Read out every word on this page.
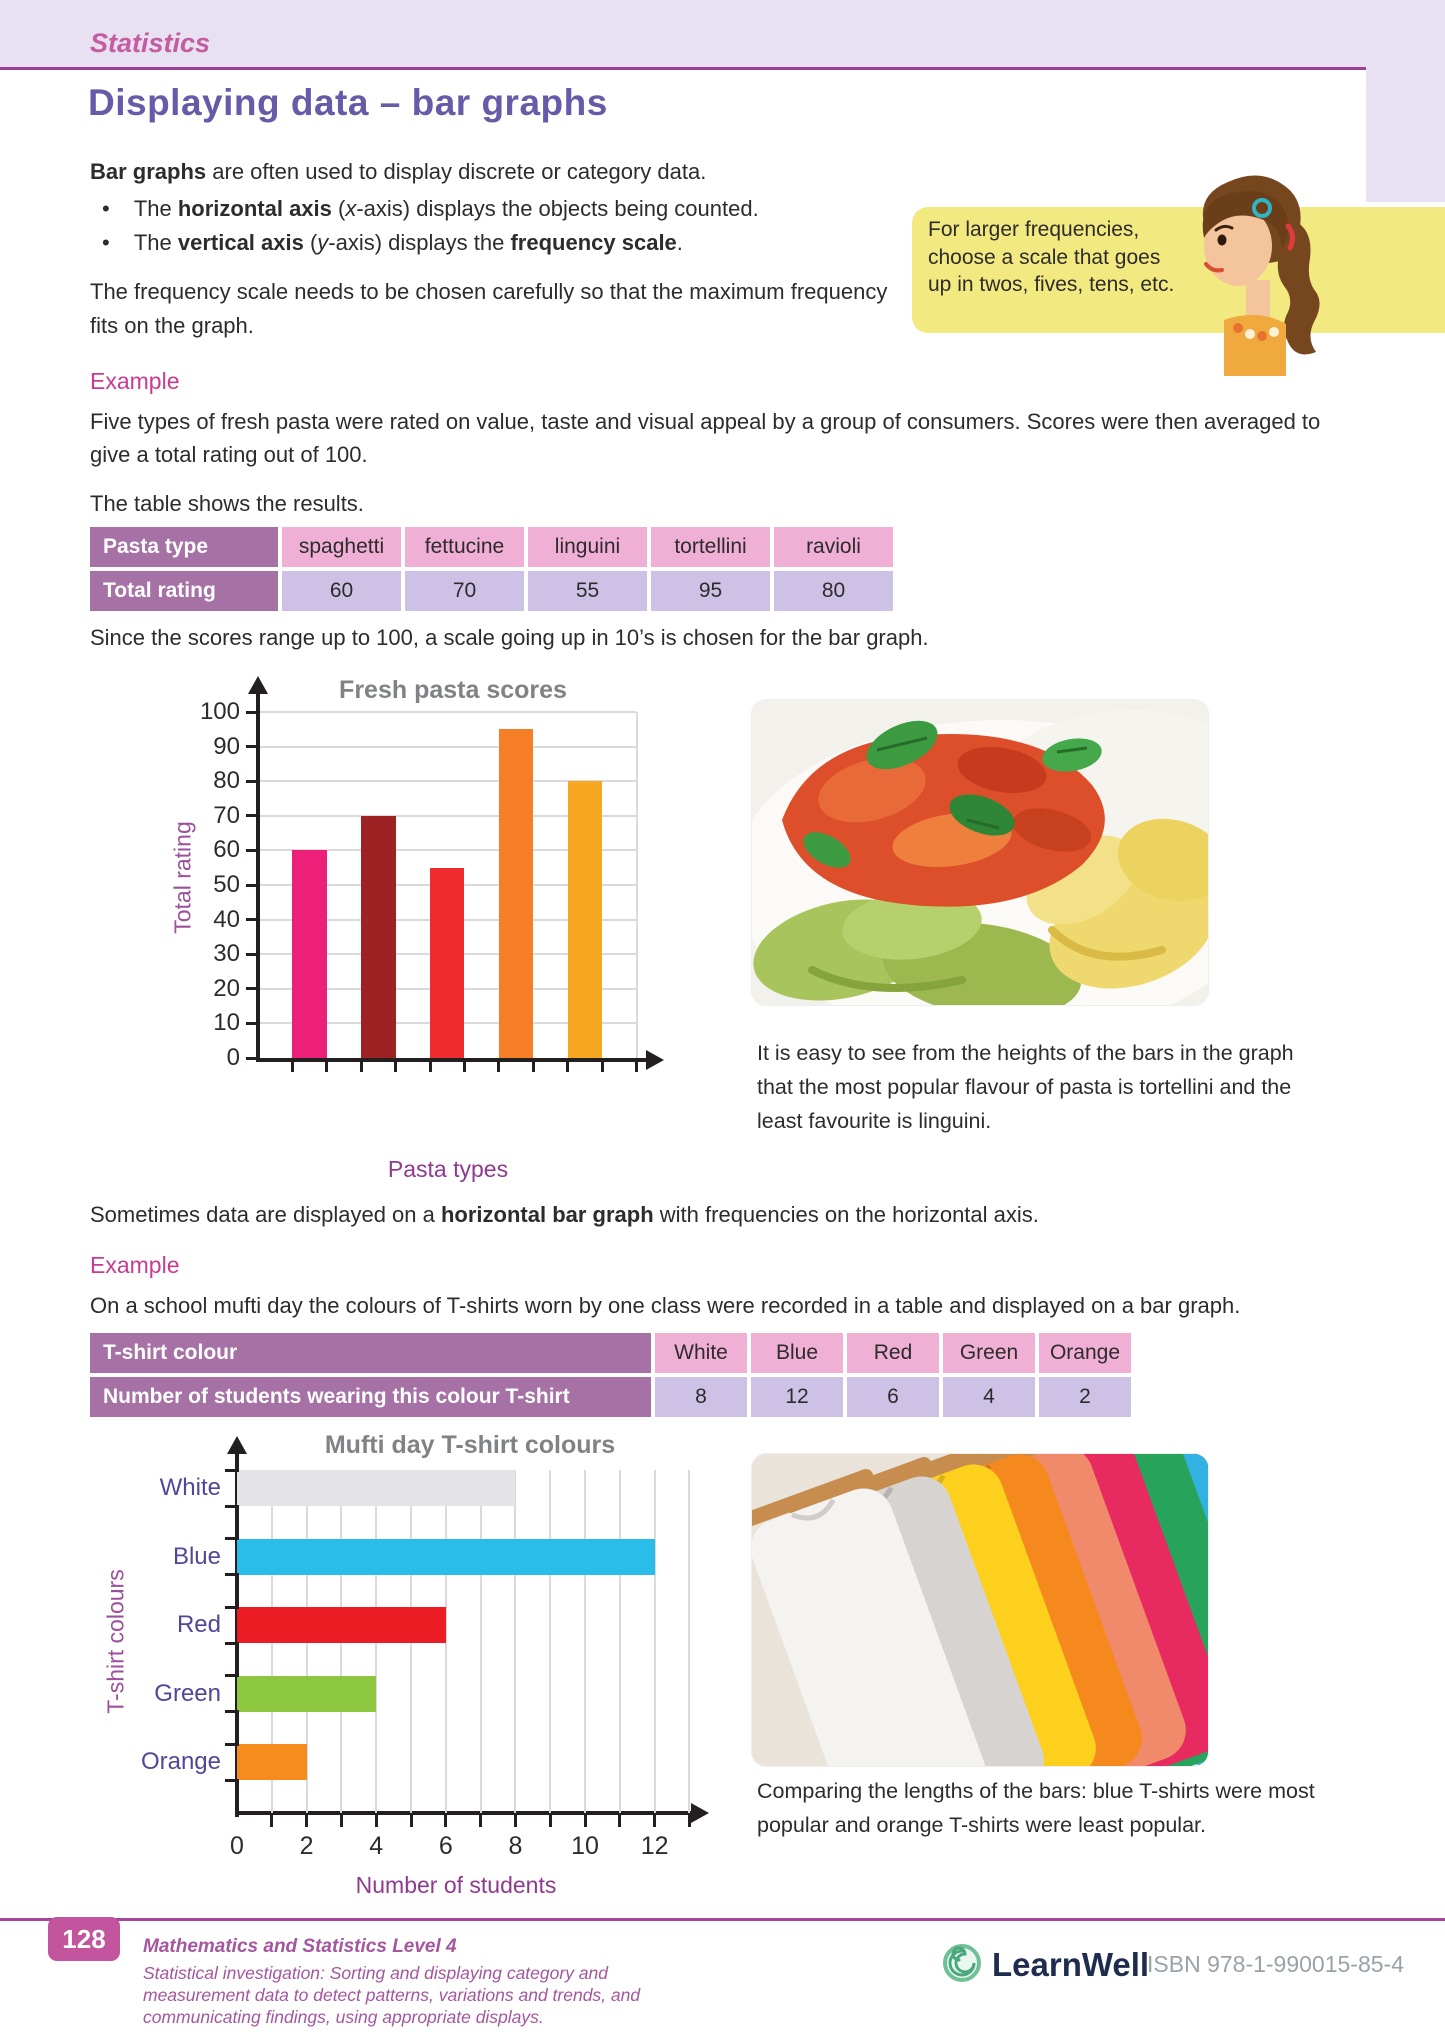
Statistics
Displaying data – bar graphs

Bar graphs are often used to display discrete or category data.

• The horizontal axis (x-axis) displays the objects being counted.
• The vertical axis (y-axis) displays the frequency scale.

The frequency scale needs to be chosen carefully so that the maximum frequency fits on the graph.

For larger frequencies, choose a scale that goes up in twos, fives, tens, etc.
Example

Five types of fresh pasta were rated on value, taste and visual appeal by a group of consumers. Scores were then averaged to give a total rating out of 100.

The table shows the results.

Pasta type	spaghetti	fettucine	linguini	tortellini	ravioli
Total rating	60	70	55	95	80

Since the scores range up to 100, a scale going up in 10’s is chosen for the bar graph.

Fresh pasta scores
Total rating
Pasta types
0
10
20
30
40
50
60
70
80
90
100

It is easy to see from the heights of the bars in the graph that the most popular flavour of pasta is tortellini and the least favourite is linguini.

Sometimes data are displayed on a horizontal bar graph with frequencies on the horizontal axis.

Example

On a school mufti day the colours of T-shirts worn by one class were recorded in a table and displayed on a bar graph.

T-shirt colour	White	Blue	Red	Green	Orange
Number of students wearing this colour T-shirt	8	12	6	4	2
Mufti day T-shirt colours
T-shirt colours
Number of students
0	2	4	6	8	10	12
White
Blue
Red
Green
Orange

Comparing the lengths of the bars: blue T-shirts were most popular and orange T-shirts were least popular.

128	Mathematics and Statistics Level 4
Statistical investigation: Sorting and displaying category and measurement data to detect patterns, variations and trends, and communicating findings, using appropriate displays.
LearnWell
ISBN 978-1-990015-85-4
